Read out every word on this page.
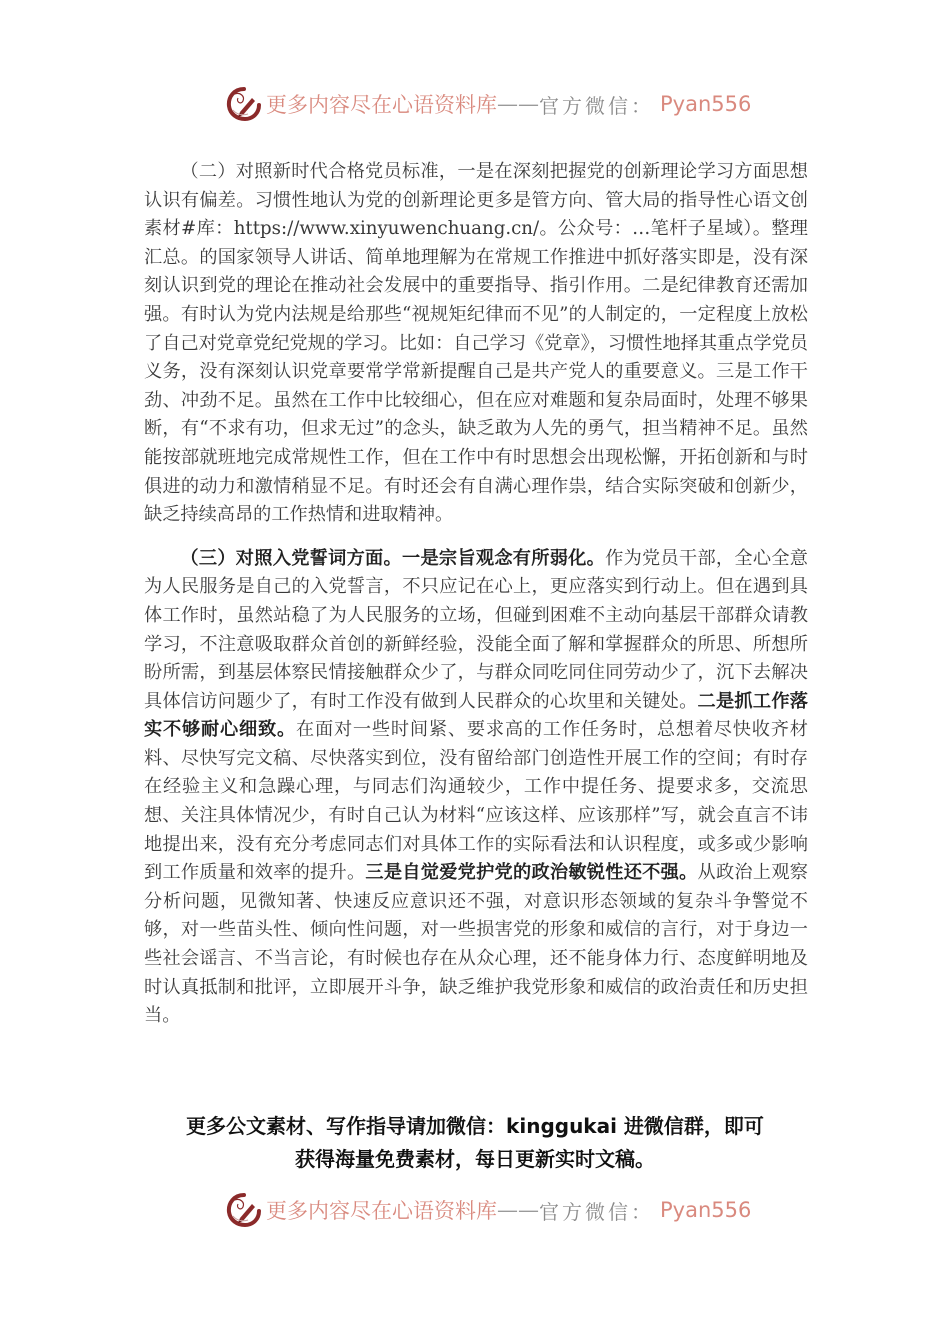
更多内容尽在心语资料库 —— 官方微信： Pyan556

（二）对照新时代合格党员标准，一是在深刻把握党的创新理论学习方面思想认识有偏差。习惯性地认为党的创新理论更多是管方向、管大局的指导性心语文创素材#库：https://www.xinyuwenchuang.cn/。公众号：…笔杆子星域）。整理汇总。的国家领导人讲话、简单地理解为在常规工作推进中抓好落实即是，没有深刻认识到党的理论在推动社会发展中的重要指导、指引作用。二是纪律教育还需加强。有时认为党内法规是给那些“视规矩纪律而不见”的人制定的，一定程度上放松了自己对党章党纪党规的学习。比如：自己学习《党章》，习惯性地择其重点学党员义务，没有深刻认识党章要常学常新提醒自己是共产党人的重要意义。三是工作干劲、冲劲不足。虽然在工作中比较细心，但在应对难题和复杂局面时，处理不够果断，有“不求有功，但求无过”的念头，缺乏敢为人先的勇气，担当精神不足。虽然能按部就班地完成常规性工作，但在工作中有时思想会出现松懈，开拓创新和与时俱进的动力和激情稍显不足。有时还会有自满心理作祟，结合实际突破和创新少，缺乏持续高昂的工作热情和进取精神。

（三）对照入党誓词方面。一是宗旨观念有所弱化。作为党员干部，全心全意为人民服务是自己的入党誓言，不只应记在心上，更应落实到行动上。但在遇到具体工作时，虽然站稳了为人民服务的立场，但碰到困难不主动向基层干部群众请教学习，不注意吸取群众首创的新鲜经验，没能全面了解和掌握群众的所思、所想所盼所需，到基层体察民情接触群众少了，与群众同吃同住同劳动少了，沉下去解决具体信访问题少了，有时工作没有做到人民群众的心坎里和关键处。二是抓工作落实不够耐心细致。在面对一些时间紧、要求高的工作任务时，总想着尽快收齐材料、尽快写完文稿、尽快落实到位，没有留给部门创造性开展工作的空间；有时存在经验主义和急躁心理，与同志们沟通较少，工作中提任务、提要求多，交流思想、关注具体情况少，有时自己认为材料“应该这样、应该那样”写，就会直言不讳地提出来，没有充分考虑同志们对具体工作的实际看法和认识程度，或多或少影响到工作质量和效率的提升。三是自觉爱党护党的政治敏锐性还不强。从政治上观察分析问题，见微知著、快速反应意识还不强，对意识形态领域的复杂斗争警觉不够，对一些苗头性、倾向性问题，对一些损害党的形象和威信的言行，对于身边一些社会谣言、不当言论，有时候也存在从众心理，还不能身体力行、态度鲜明地及时认真抵制和批评，立即展开斗争，缺乏维护我党形象和威信的政治责任和历史担当。

更多公文素材、写作指导请加微信：kinggukai 进微信群，即可
获得海量免费素材，每日更新实时文稿。
更多内容尽在心语资料库 —— 官方微信： Pyan556
